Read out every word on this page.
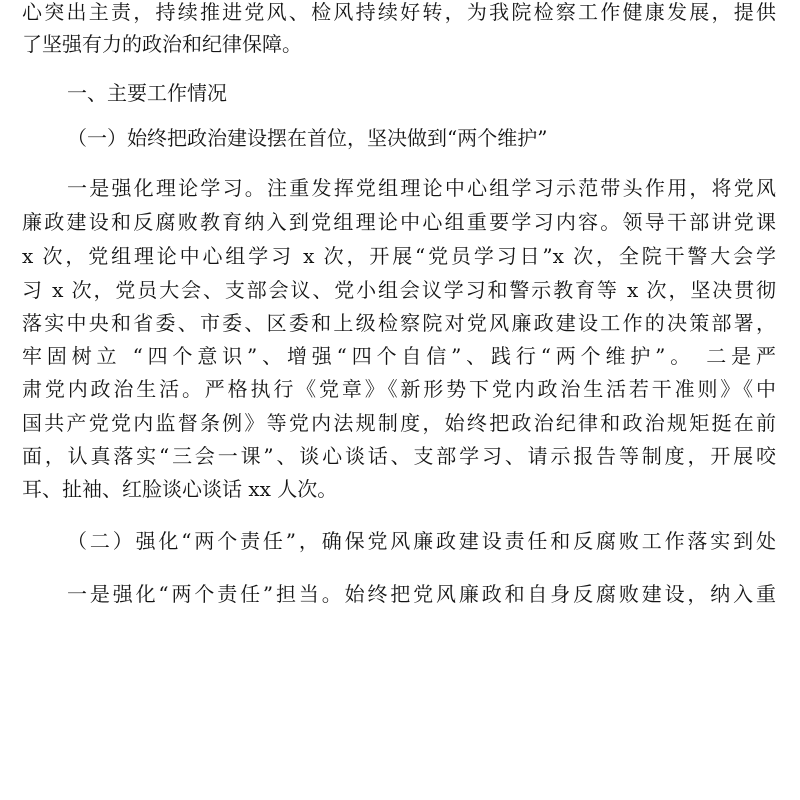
心突出主责，持续推进党风、检风持续好转，为我院检察工作健康发展，提供
了坚强有力的政治和纪律保障。
一、主要工作情况
（一）始终把政治建设摆在首位，坚决做到“两个维护”
一是强化理论学习。注重发挥党组理论中心组学习示范带头作用，将党风
廉政建设和反腐败教育纳入到党组理论中心组重要学习内容。领导干部讲党课
x 次，党组理论中心组学习 x 次，开展“党员学习日”x 次，全院干警大会学
习 x 次，党员大会、支部会议、党小组会议学习和警示教育等 x 次，坚决贯彻
落实中央和省委、市委、区委和上级检察院对党风廉政建设工作的决策部署，
牢固树立 “四个意识”、增强“四个自信”、践行“两个维护”。 二是严
肃党内政治生活。严格执行《党章》《新形势下党内政治生活若干准则》《中
国共产党党内监督条例》等党内法规制度，始终把政治纪律和政治规矩挺在前
面，认真落实“三会一课”、谈心谈话、支部学习、请示报告等制度，开展咬
耳、扯袖、红脸谈心谈话 xx 人次。
（二）强化“两个责任”，确保党风廉政建设责任和反腐败工作落实到处
一是强化“两个责任”担当。始终把党风廉政和自身反腐败建设，纳入重
